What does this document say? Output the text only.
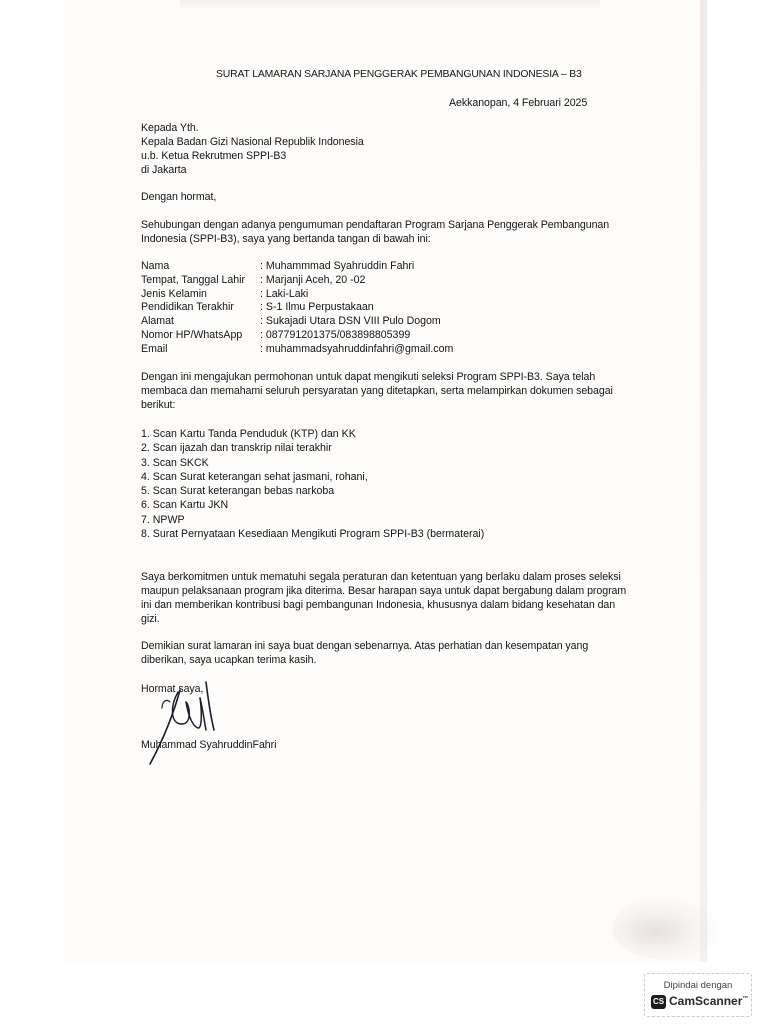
SURAT LAMARAN SARJANA PENGGERAK PEMBANGUNAN INDONESIA – B3
Aekkanopan, 4 Februari 2025
Kepada Yth.
Kepala Badan Gizi Nasional Republik Indonesia
u.b. Ketua Rekrutmen SPPI-B3
di Jakarta
Dengan hormat,
Sehubungan dengan adanya pengumuman pendaftaran Program Sarjana Penggerak Pembangunan
Indonesia (SPPI-B3), saya yang bertanda tangan di bawah ini:
Nama	: Muhammmad Syahruddin Fahri
Tempat, Tanggal Lahir : Marjanji Aceh, 20 -02
Jenis Kelamin	: Laki-Laki
Pendidikan Terakhir : S-1 Ilmu Perpustakaan
Alamat	: Sukajadi Utara DSN VIII Pulo Dogom
Nomor HP/WhatsApp : 087791201375/083898805399
Email	: muhammadsyahruddinfahri@gmail.com
Dengan ini mengajukan permohonan untuk dapat mengikuti seleksi Program SPPI-B3. Saya telah
membaca dan memahami seluruh persyaratan yang ditetapkan, serta melampirkan dokumen sebagai
berikut:
1. Scan Kartu Tanda Penduduk (KTP) dan KK
2. Scan ijazah dan transkrip nilai terakhir
3. Scan SKCK
4. Scan Surat keterangan sehat jasmani, rohani,
5. Scan Surat keterangan bebas narkoba
6. Scan Kartu JKN
7. NPWP
8. Surat Pernyataan Kesediaan Mengikuti Program SPPI-B3 (bermaterai)
Saya berkomitmen untuk mematuhi segala peraturan dan ketentuan yang berlaku dalam proses seleksi
maupun pelaksanaan program jika diterima. Besar harapan saya untuk dapat bergabung dalam program
ini dan memberikan kontribusi bagi pembangunan Indonesia, khususnya dalam bidang kesehatan dan
gizi.
Demikian surat lamaran ini saya buat dengan sebenarnya. Atas perhatian dan kesempatan yang
diberikan, saya ucapkan terima kasih.
Hormat saya,
Muhammad SyahruddinFahri
Dipindai dengan
CS CamScanner™
